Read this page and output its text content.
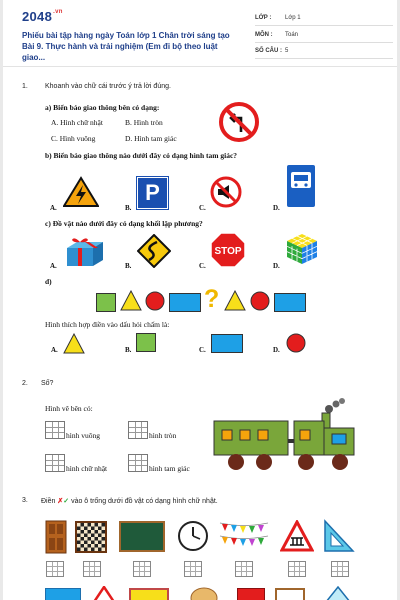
$2048^{.vn}$
Phiếu bài tập hàng ngày Toán lớp 1 Chân trời sáng tạo Bài 9. Thực hành và trải nghiệm (Em đi bộ theo luật giao...
LỚP : Lớp 1
MÔN : Toán
SỐ CÂU : 5
1. Khoanh vào chữ cái trước ý trả lời đúng.
a) Biển báo giao thông bên có dạng:
A. Hình chữ nhật	B. Hình tròn
C. Hình vuông	D. Hình tam giác
b) Biển báo giao thông nào dưới đây có dạng hình tam giác?
A.	B.
P
C.	D.
c) Đồ vật nào dưới đây có dạng khối lập phương?
A.	B.	C.
STOP
D.
d)
?
Hình thích hợp điền vào dấu hỏi chấm là:
A.	B.	C.	D.
2. Số?
Hình vẽ bên có:
hình vuông	hình tròn
hình chữ nhật	hình tam giác
3. Điền ✗✓ vào ô trống dưới đồ vật có dạng hình chữ nhật.
